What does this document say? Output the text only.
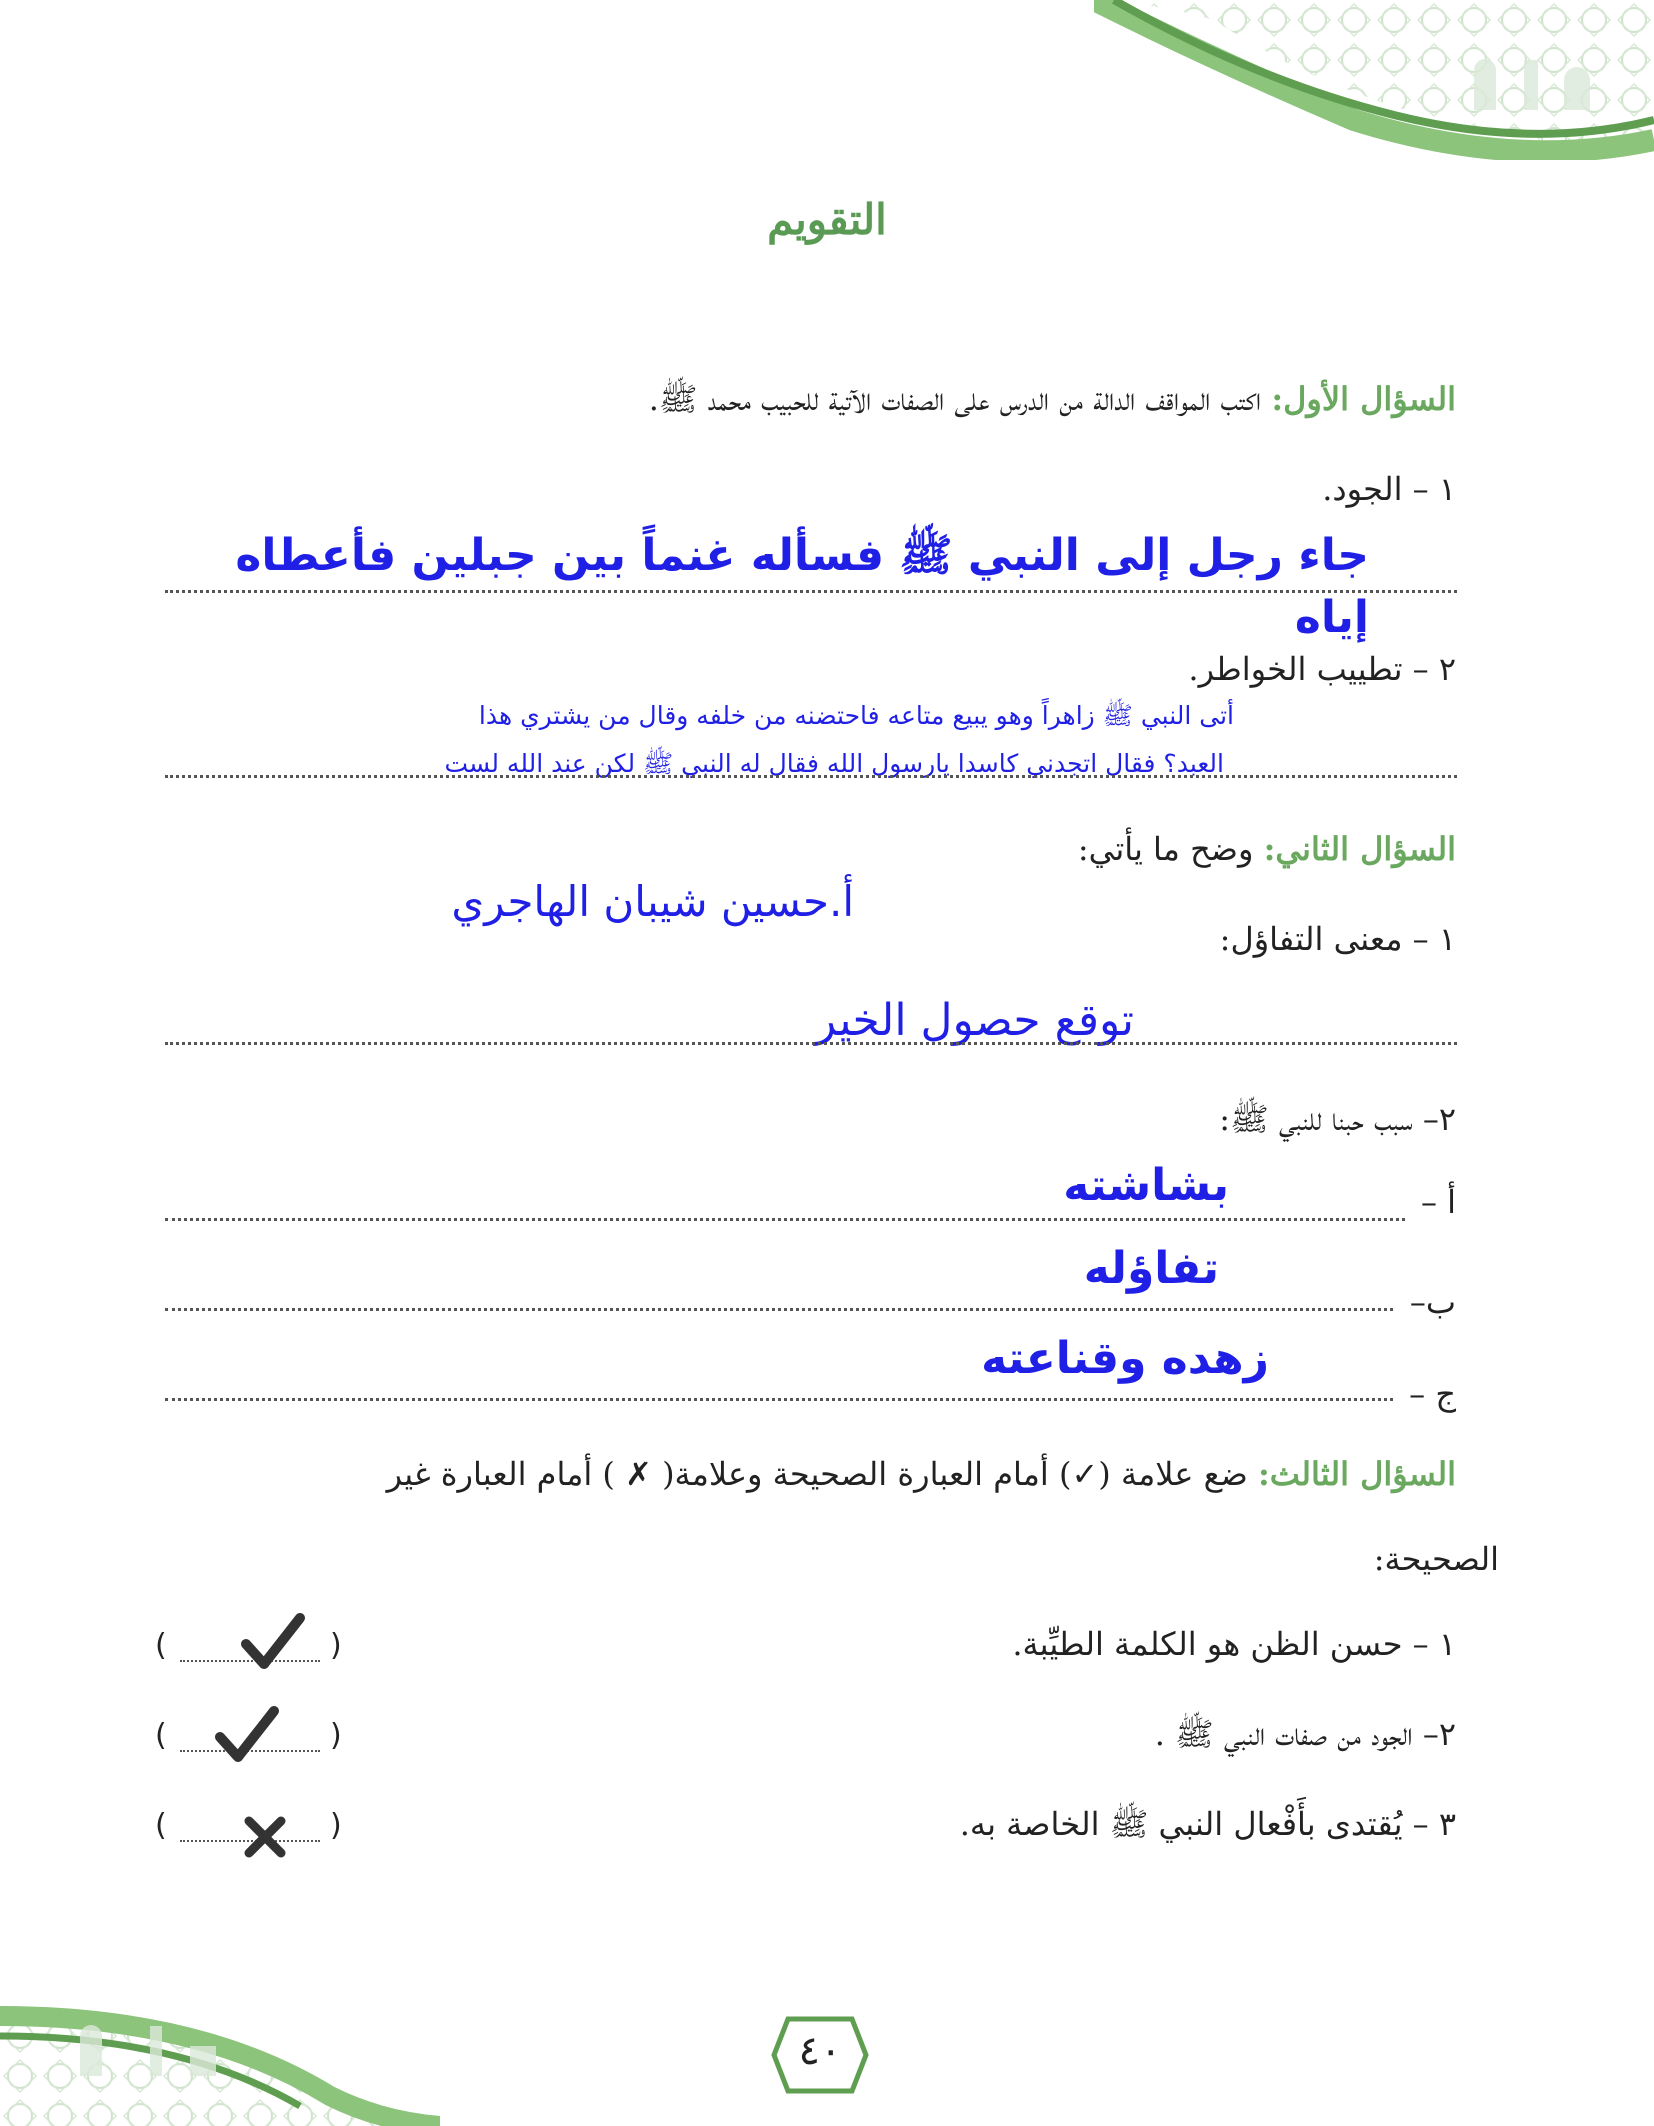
التقويم
السؤال الأول: اكتب المواقف الدالة من الدرس على الصفات الآتية للحبيب محمد ﷺ.
١ – الجود.
جاء رجل إلى النبي ﷺ فسأله غنماً بين جبلين فأعطاه إياه
٢ – تطييب الخواطر.
أتى النبي ﷺ زاهراً وهو يبيع متاعه فاحتضنه من خلفه وقال من يشتري هذا
العبد؟ فقال اتجدني كاسدا يارسول الله فقال له النبي ﷺ لكن عند الله لست
السؤال الثاني: وضح ما يأتي:
أ.حسين شيبان الهاجري
١ – معنى التفاؤل:
توقع حصول الخير
٢– سبب حبنا للنبي ﷺ:
أ –
بشاشته
ب–
تفاؤله
ج –
زهده وقناعته
السؤال الثالث: ضع علامة (✓) أمام العبارة الصحيحة وعلامة( ✗ ) أمام العبارة غير
الصحيحة:
١ – حسن الظن هو الكلمة الطيِّبة.
(	)
٢– الجود من صفات النبي ﷺ .
(	)
٣ – يُقتدى بأَفْعال النبي ﷺ الخاصة به.
(	)
٤٠
